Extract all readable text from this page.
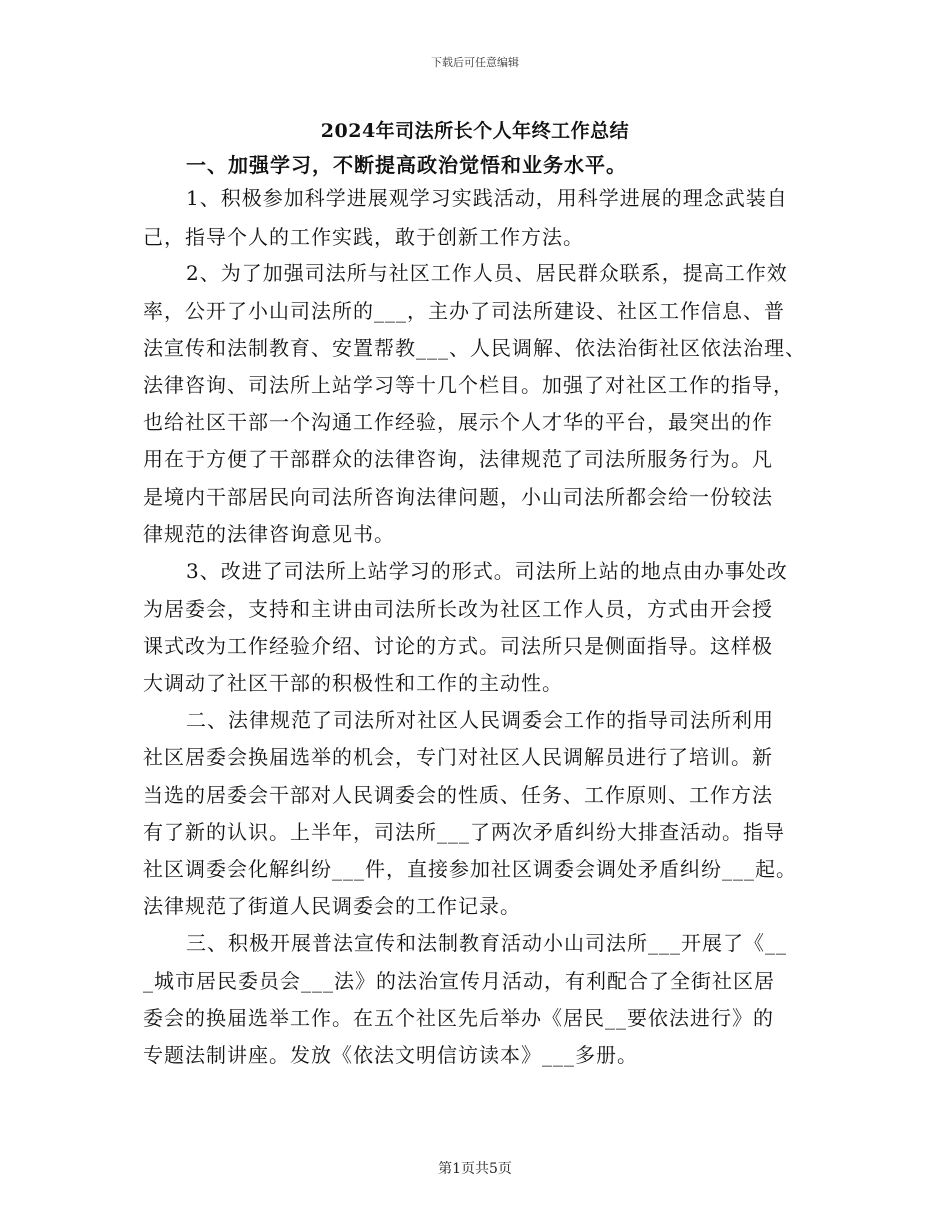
下载后可任意编辑
2024年司法所长个人年终工作总结
一、加强学习，不断提高政治觉悟和业务水平。
1、积极参加科学进展观学习实践活动，用科学进展的理念武装自
己，指导个人的工作实践，敢于创新工作方法。
2、为了加强司法所与社区工作人员、居民群众联系，提高工作效
率，公开了小山司法所的___，主办了司法所建设、社区工作信息、普
法宣传和法制教育、安置帮教___、人民调解、依法治街社区依法治理、
法律咨询、司法所上站学习等十几个栏目。加强了对社区工作的指导，
也给社区干部一个沟通工作经验，展示个人才华的平台，最突出的作
用在于方便了干部群众的法律咨询，法律规范了司法所服务行为。凡
是境内干部居民向司法所咨询法律问题，小山司法所都会给一份较法
律规范的法律咨询意见书。
3、改进了司法所上站学习的形式。司法所上站的地点由办事处改
为居委会，支持和主讲由司法所长改为社区工作人员，方式由开会授
课式改为工作经验介绍、讨论的方式。司法所只是侧面指导。这样极
大调动了社区干部的积极性和工作的主动性。
二、法律规范了司法所对社区人民调委会工作的指导司法所利用
社区居委会换届选举的机会，专门对社区人民调解员进行了培训。新
当选的居委会干部对人民调委会的性质、任务、工作原则、工作方法
有了新的认识。上半年，司法所___了两次矛盾纠纷大排查活动。指导
社区调委会化解纠纷___件，直接参加社区调委会调处矛盾纠纷___起。
法律规范了街道人民调委会的工作记录。
三、积极开展普法宣传和法制教育活动小山司法所___开展了《__
_城市居民委员会___法》的法治宣传月活动，有利配合了全街社区居
委会的换届选举工作。在五个社区先后举办《居民__要依法进行》的
专题法制讲座。发放《依法文明信访读本》___多册。
第1页共5页
